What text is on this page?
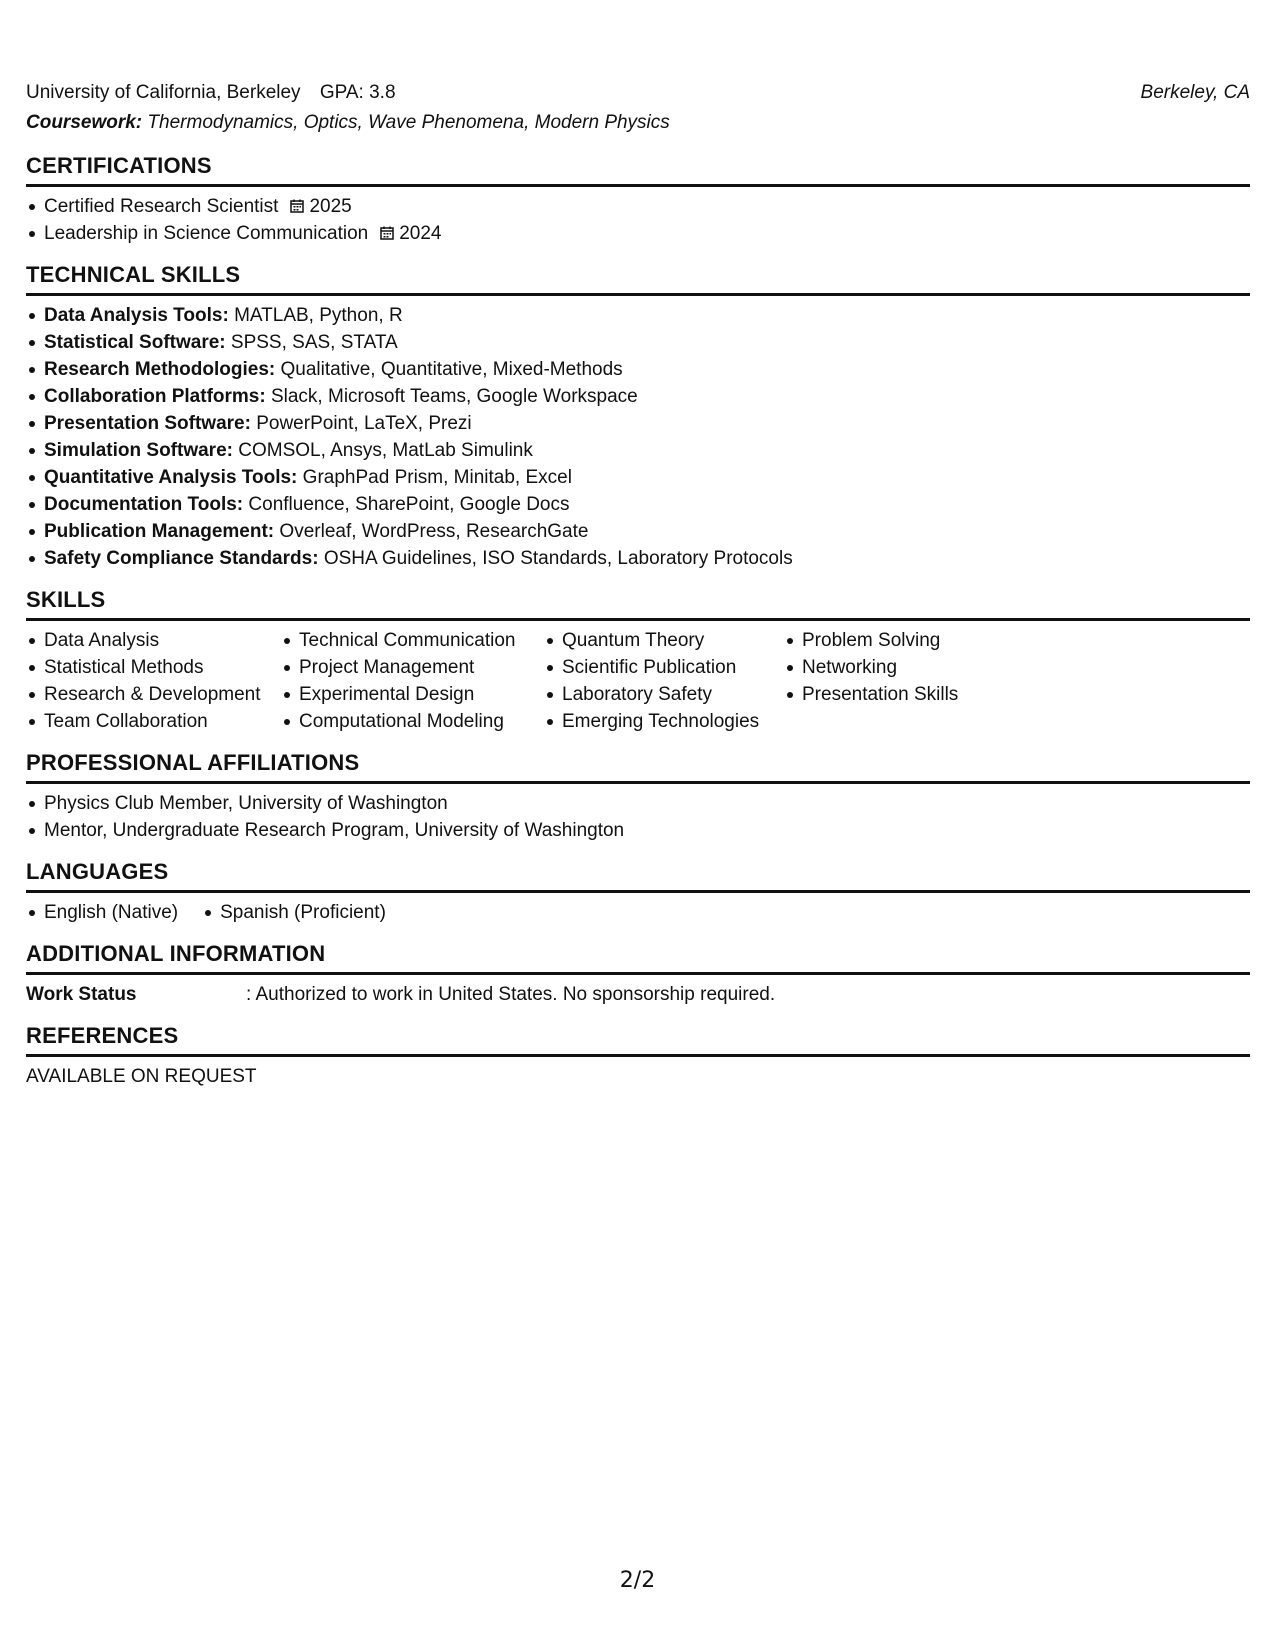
University of California, Berkeley GPA: 3.8	Berkeley, CA
Coursework: Thermodynamics, Optics, Wave Phenomena, Modern Physics
CERTIFICATIONS
Certified Research Scientist 2025
Leadership in Science Communication 2024
TECHNICAL SKILLS
Data Analysis Tools: MATLAB, Python, R
Statistical Software: SPSS, SAS, STATA
Research Methodologies: Qualitative, Quantitative, Mixed-Methods
Collaboration Platforms: Slack, Microsoft Teams, Google Workspace
Presentation Software: PowerPoint, LaTeX, Prezi
Simulation Software: COMSOL, Ansys, MatLab Simulink
Quantitative Analysis Tools: GraphPad Prism, Minitab, Excel
Documentation Tools: Confluence, SharePoint, Google Docs
Publication Management: Overleaf, WordPress, ResearchGate
Safety Compliance Standards: OSHA Guidelines, ISO Standards, Laboratory Protocols
SKILLS
Data Analysis
Statistical Methods
Research & Development
Team Collaboration
Technical Communication
Project Management
Experimental Design
Computational Modeling
Quantum Theory
Scientific Publication
Laboratory Safety
Emerging Technologies
Problem Solving
Networking
Presentation Skills
PROFESSIONAL AFFILIATIONS
Physics Club Member, University of Washington
Mentor, Undergraduate Research Program, University of Washington
LANGUAGES
English (Native)	Spanish (Proficient)
ADDITIONAL INFORMATION
Work Status	: Authorized to work in United States. No sponsorship required.
REFERENCES
AVAILABLE ON REQUEST
2/2
